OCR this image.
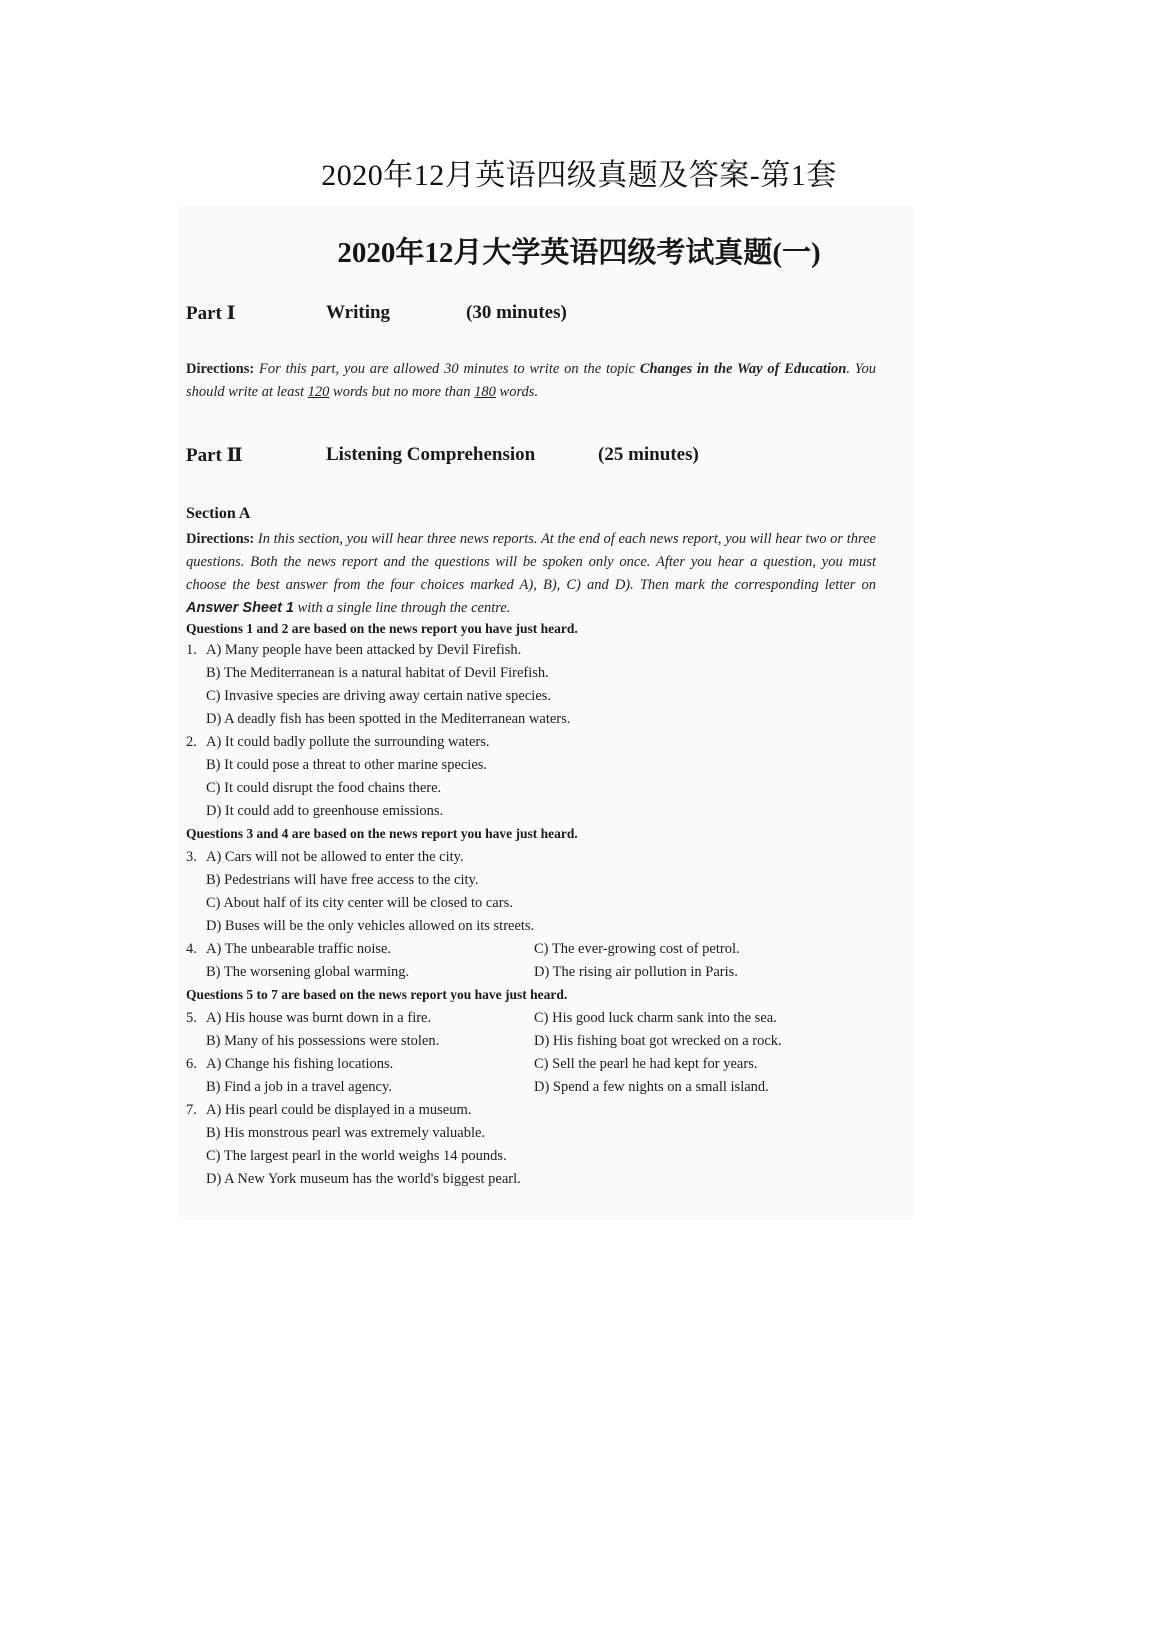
2020年12月英语四级真题及答案-第1套
2020年12月大学英语四级考试真题(一)
Part Ⅰ	Writing	(30 minutes)
Directions: For this part, you are allowed 30 minutes to write on the topic Changes in the Way of Education. You should write at least 120 words but no more than 180 words.
Part Ⅱ	Listening Comprehension	(25 minutes)
Section A
Directions: In this section, you will hear three news reports. At the end of each news report, you will hear two or three questions. Both the news report and the questions will be spoken only once. After you hear a question, you must choose the best answer from the four choices marked A), B), C) and D). Then mark the corresponding letter on Answer Sheet 1 with a single line through the centre.
Questions 1 and 2 are based on the news report you have just heard.
1. A) Many people have been attacked by Devil Firefish.
B) The Mediterranean is a natural habitat of Devil Firefish.
C) Invasive species are driving away certain native species.
D) A deadly fish has been spotted in the Mediterranean waters.
2. A) It could badly pollute the surrounding waters.
B) It could pose a threat to other marine species.
C) It could disrupt the food chains there.
D) It could add to greenhouse emissions.
Questions 3 and 4 are based on the news report you have just heard.
3. A) Cars will not be allowed to enter the city.
B) Pedestrians will have free access to the city.
C) About half of its city center will be closed to cars.
D) Buses will be the only vehicles allowed on its streets.
4. A) The unbearable traffic noise.	C) The ever-growing cost of petrol.
B) The worsening global warming.	D) The rising air pollution in Paris.
Questions 5 to 7 are based on the news report you have just heard.
5. A) His house was burnt down in a fire.	C) His good luck charm sank into the sea.
B) Many of his possessions were stolen.	D) His fishing boat got wrecked on a rock.
6. A) Change his fishing locations.	C) Sell the pearl he had kept for years.
B) Find a job in a travel agency.	D) Spend a few nights on a small island.
7. A) His pearl could be displayed in a museum.
B) His monstrous pearl was extremely valuable.
C) The largest pearl in the world weighs 14 pounds.
D) A New York museum has the world's biggest pearl.
